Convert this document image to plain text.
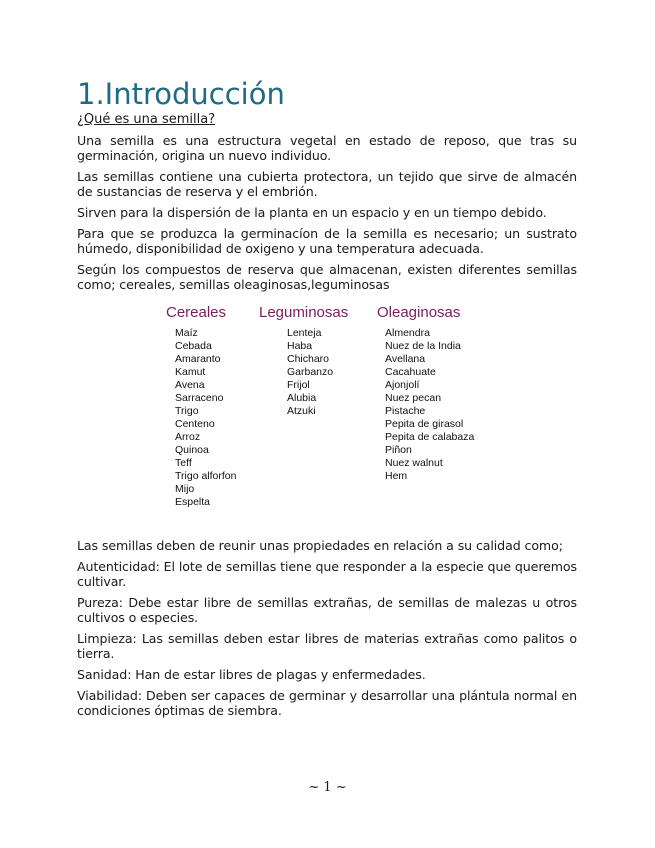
1.Introducción
¿Qué es una semilla?

Una semilla es una estructura vegetal en estado de reposo, que tras su germinación, origina un nuevo individuo.

Las semillas contiene una cubierta protectora, un tejido que sirve de almacén de sustancias de reserva y el embrión.

Sirven para la dispersión de la planta en un espacio y en un tiempo debido.

Para que se produzca la germinacíon de la semilla es necesario; un sustrato húmedo, disponibilidad de oxigeno y una temperatura adecuada.

Según los compuestos de reserva que almacenan, existen diferentes semillas como; cereales, semillas oleaginosas,leguminosas

Cereales
Maíz
Cebada
Amaranto
Kamut
Avena
Sarraceno
Trigo
Centeno
Arroz
Quinoa
Teff
Trigo alforfon
Mijo
Espelta
Leguminosas
Lenteja
Haba
Chicharo
Garbanzo
Frijol
Alubia
Atzuki
Oleaginosas
Almendra
Nuez de la India
Avellana
Cacahuate
Ajonjolí
Nuez pecan
Pistache
Pepita de girasol
Pepita de calabaza
Piñon
Nuez walnut
Hem

Las semillas deben de reunir unas propiedades en relación a su calidad como;

Autenticidad: El lote de semillas tiene que responder a la especie que queremos cultivar.

Pureza: Debe estar libre de semillas extrañas, de semillas de malezas u otros cultivos o especies.

Limpieza: Las semillas deben estar libres de materias extrañas como palitos o tierra.

Sanidad: Han de estar libres de plagas y enfermedades.

Viabilidad: Deben ser capaces de germinar y desarrollar una plántula normal en condiciones óptimas de siembra.

~ 1 ~
